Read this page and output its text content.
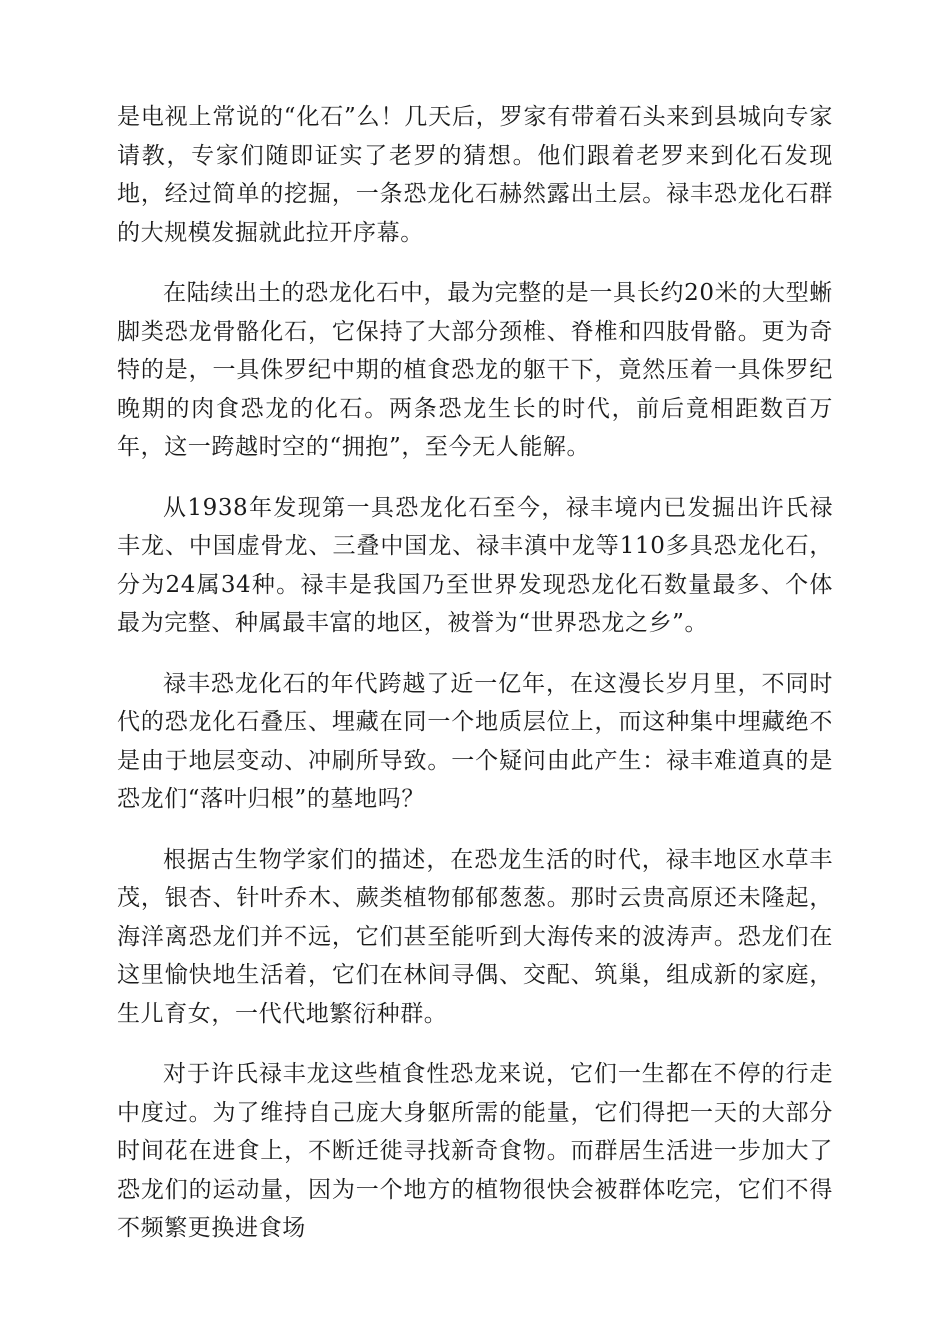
是电视上常说的“化石”么！几天后，罗家有带着石头来到县城向专家请教，专家们随即证实了老罗的猜想。他们跟着老罗来到化石发现地，经过简单的挖掘，一条恐龙化石赫然露出土层。禄丰恐龙化石群的大规模发掘就此拉开序幕。

在陆续出土的恐龙化石中，最为完整的是一具长约20米的大型蜥脚类恐龙骨骼化石，它保持了大部分颈椎、脊椎和四肢骨骼。更为奇特的是，一具侏罗纪中期的植食恐龙的躯干下，竟然压着一具侏罗纪晚期的肉食恐龙的化石。两条恐龙生长的时代，前后竟相距数百万年，这一跨越时空的“拥抱”，至今无人能解。

从1938年发现第一具恐龙化石至今，禄丰境内已发掘出许氏禄丰龙、中国虚骨龙、三叠中国龙、禄丰滇中龙等110多具恐龙化石，分为24属34种。禄丰是我国乃至世界发现恐龙化石数量最多、个体最为完整、种属最丰富的地区，被誉为“世界恐龙之乡”。

禄丰恐龙化石的年代跨越了近一亿年，在这漫长岁月里，不同时代的恐龙化石叠压、埋藏在同一个地质层位上，而这种集中埋藏绝不是由于地层变动、冲刷所导致。一个疑问由此产生：禄丰难道真的是恐龙们“落叶归根”的墓地吗？

根据古生物学家们的描述，在恐龙生活的时代，禄丰地区水草丰茂，银杏、针叶乔木、蕨类植物郁郁葱葱。那时云贵高原还未隆起，海洋离恐龙们并不远，它们甚至能听到大海传来的波涛声。恐龙们在这里愉快地生活着，它们在林间寻偶、交配、筑巢，组成新的家庭，生儿育女，一代代地繁衍种群。

对于许氏禄丰龙这些植食性恐龙来说，它们一生都在不停的行走中度过。为了维持自己庞大身躯所需的能量，它们得把一天的大部分时间花在进食上，不断迁徙寻找新奇食物。而群居生活进一步加大了恐龙们的运动量，因为一个地方的植物很快会被群体吃完，它们不得不频繁更换进食场
